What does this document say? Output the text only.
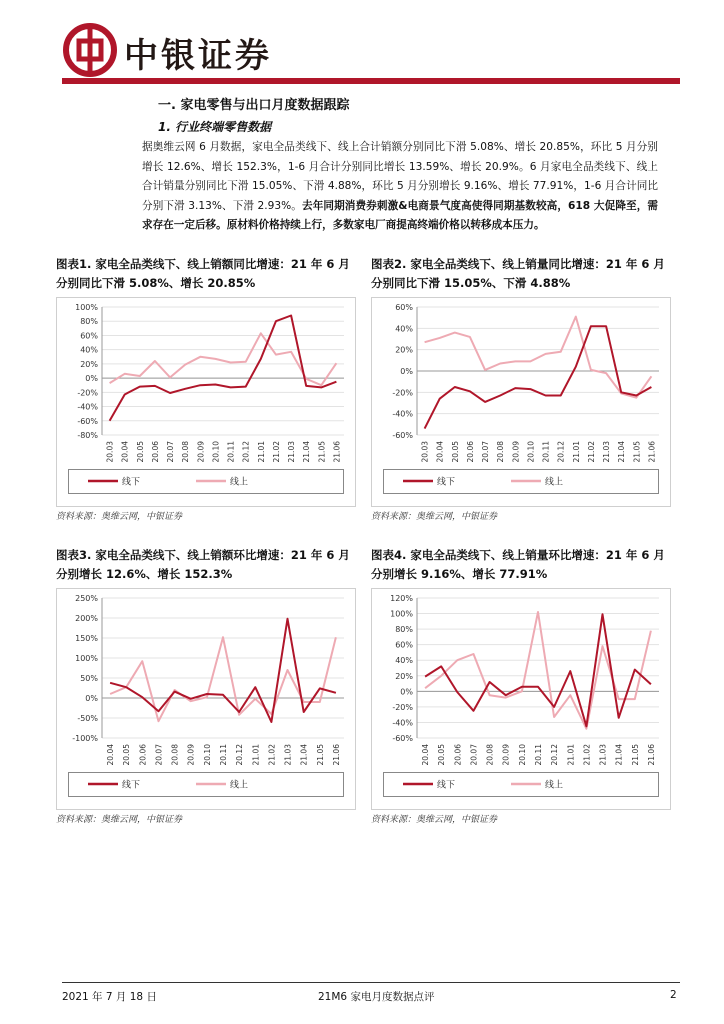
中银证券
一. 家电零售与出口月度数据跟踪
1. 行业终端零售数据
据奥维云网 6 月数据，家电全品类线下、线上合计销额分别同比下滑 5.08%、增长 20.85%，环比 5 月分别增长 12.6%、增长 152.3%，1-6 月合计分别同比增长 13.59%、增长 20.9%。6 月家电全品类线下、线上合计销量分别同比下滑 15.05%、下滑 4.88%，环比 5 月分别增长 9.16%、增长 77.91%，1-6 月合计同比分别下滑 3.13%、下滑 2.93%。去年同期消费券刺激&电商景气度高使得同期基数较高，618 大促降至，需求存在一定后移。原材料价格持续上行，多数家电厂商提高终端价格以转移成本压力。
图表1. 家电全品类线下、线上销额同比增速：21 年 6 月分别同比下滑 5.08%、增长 20.85%
-80%
-60%
-40%
-20%
0%
20%
40%
60%
80%
100%
20.03 20.04 20.05 20.06 20.07 20.08 20.09 20.10 20.11 20.12 21.01 21.02 21.03 21.04 21.05 21.06
线下	线上
资料来源：奥维云网，中银证券
图表2. 家电全品类线下、线上销量同比增速：21 年 6 月分别同比下滑 15.05%、下滑 4.88%
-60%
-40%
-20%
0%
20%
40%
60%
20.03 20.04 20.05 20.06 20.07 20.08 20.09 20.10 20.11 20.12 21.01 21.02 21.03 21.04 21.05 21.06
线下	线上
资料来源：奥维云网，中银证券
图表3. 家电全品类线下、线上销额环比增速：21 年 6 月分别增长 12.6%、增长 152.3%
-100%
-50%
0%
50%
100%
150%
200%
250%
20.04 20.05 20.06 20.07 20.08 20.09 20.10 20.11 20.12 21.01 21.02 21.03 21.04 21.05 21.06
线下	线上
资料来源：奥维云网，中银证券
图表4. 家电全品类线下、线上销量环比增速：21 年 6 月分别增长 9.16%、增长 77.91%
-60%
-40%
-20%
0%
20%
40%
60%
80%
100%
120%
20.04 20.05 20.06 20.07 20.08 20.09 20.10 20.11 20.12 21.01 21.02 21.03 21.04 21.05 21.06
线下	线上
资料来源：奥维云网，中银证券
2021 年 7 月 18 日	21M6 家电月度数据点评	2
